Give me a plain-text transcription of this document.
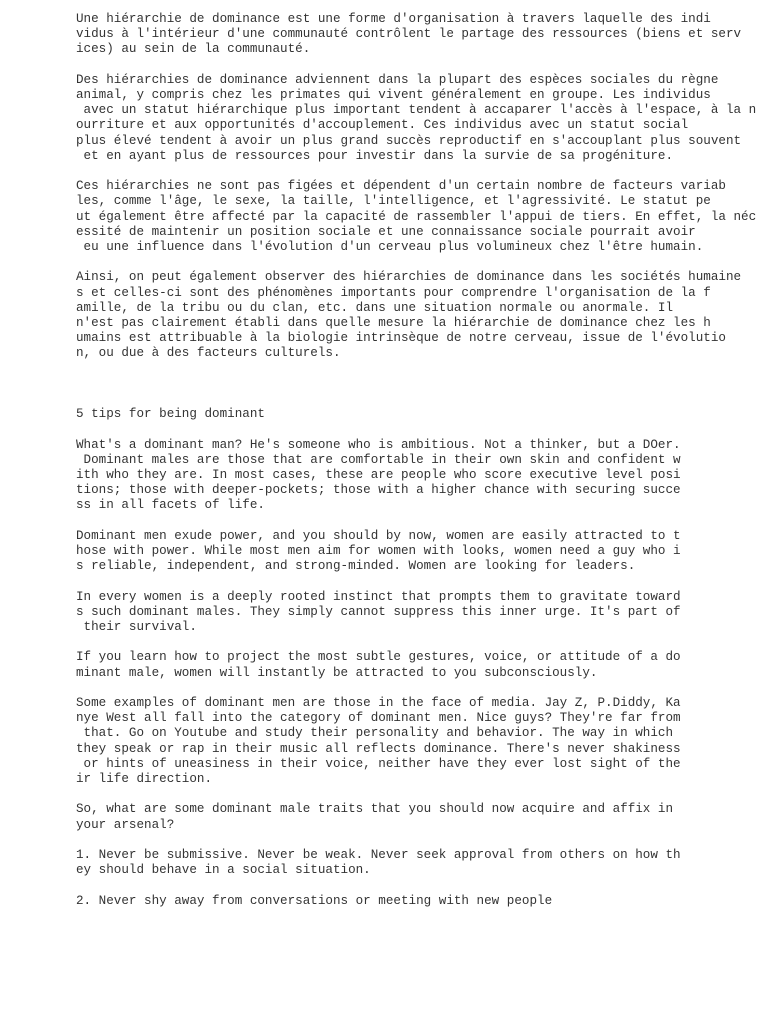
Une hiérarchie de dominance est une forme d'organisation à travers laquelle des indi
vidus à l'intérieur d'une communauté contrôlent le partage des ressources (biens et serv
ices) au sein de la communauté.
Des hiérarchies de dominance adviennent dans la plupart des espèces sociales du règne
animal, y compris chez les primates qui vivent généralement en groupe. Les individus
avec un statut hiérarchique plus important tendent à accaparer l'accès à l'espace, à la n
ourriture et aux opportunités d'accouplement. Ces individus avec un statut social
plus élevé tendent à avoir un plus grand succès reproductif en s'accouplant plus souvent
et en ayant plus de ressources pour investir dans la survie de sa progéniture.
Ces hiérarchies ne sont pas figées et dépendent d'un certain nombre de facteurs variab
les, comme l'âge, le sexe, la taille, l'intelligence, et l'agressivité. Le statut pe
ut également être affecté par la capacité de rassembler l'appui de tiers. En effet, la néc
essité de maintenir un position sociale et une connaissance sociale pourrait avoir
eu une influence dans l'évolution d'un cerveau plus volumineux chez l'être humain.
Ainsi, on peut également observer des hiérarchies de dominance dans les sociétés humaine
s et celles-ci sont des phénomènes importants pour comprendre l'organisation de la f
amille, de la tribu ou du clan, etc. dans une situation normale ou anormale. Il
n'est pas clairement établi dans quelle mesure la hiérarchie de dominance chez les h
umains est attribuable à la biologie intrinsèque de notre cerveau, issue de l'évolutio
n, ou due à des facteurs culturels.
5 tips for being dominant
What's a dominant man? He's someone who is ambitious. Not a thinker, but a DOer.
Dominant males are those that are comfortable in their own skin and confident w
ith who they are. In most cases, these are people who score executive level posi
tions; those with deeper-pockets; those with a higher chance with securing succe
ss in all facets of life.
Dominant men exude power, and you should by now, women are easily attracted to t
hose with power. While most men aim for women with looks, women need a guy who i
s reliable, independent, and strong-minded. Women are looking for leaders.
In every women is a deeply rooted instinct that prompts them to gravitate toward
s such dominant males. They simply cannot suppress this inner urge. It's part of
their survival.
If you learn how to project the most subtle gestures, voice, or attitude of a do
minant male, women will instantly be attracted to you subconsciously.
Some examples of dominant men are those in the face of media. Jay Z, P.Diddy, Ka
nye West all fall into the category of dominant men. Nice guys? They're far from
that. Go on Youtube and study their personality and behavior. The way in which
they speak or rap in their music all reflects dominance. There's never shakiness
or hints of uneasiness in their voice, neither have they ever lost sight of the
ir life direction.
So, what are some dominant male traits that you should now acquire and affix in
your arsenal?
1. Never be submissive. Never be weak. Never seek approval from others on how th
ey should behave in a social situation.
2. Never shy away from conversations or meeting with new people
